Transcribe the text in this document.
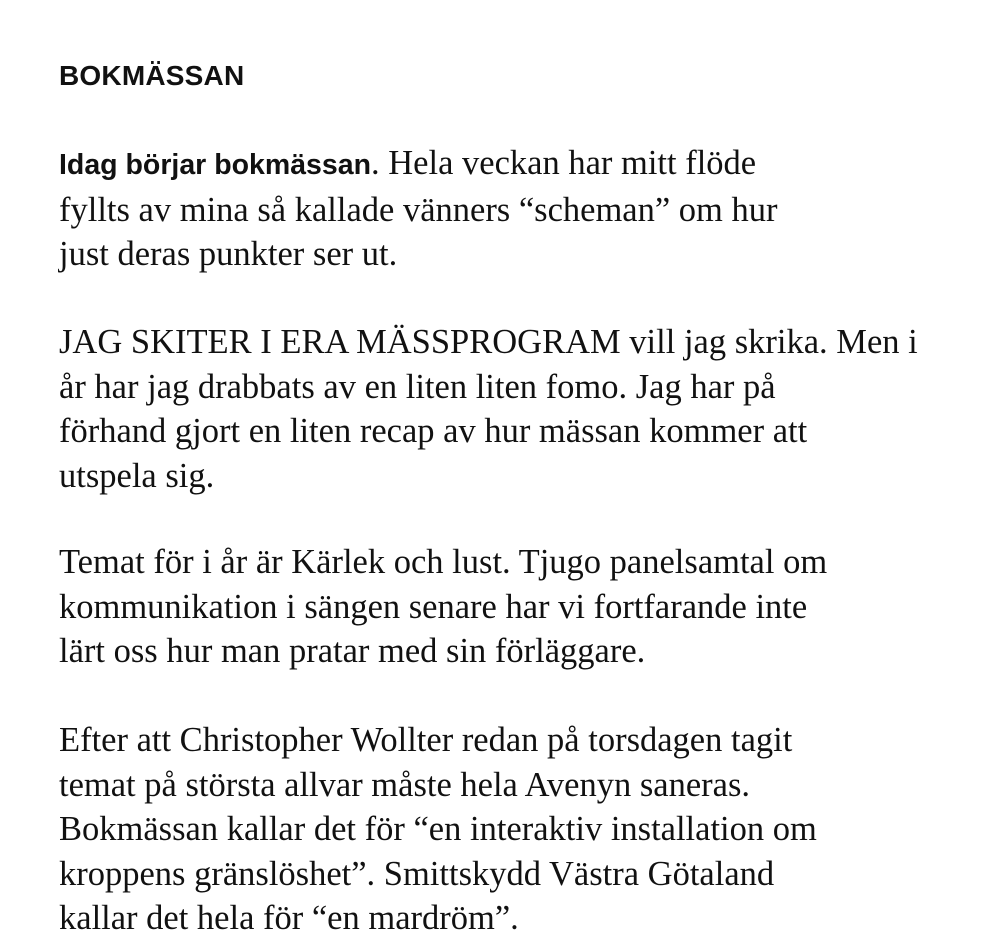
BOKMÄSSAN

Idag börjar bokmässan. Hela veckan har mitt flöde
fyllts av mina så kallade vänners “scheman” om hur
just deras punkter ser ut.

JAG SKITER I ERA MÄSSPROGRAM vill jag skrika. Men i
år har jag drabbats av en liten liten fomo. Jag har på
förhand gjort en liten recap av hur mässan kommer att
utspela sig.

Temat för i år är Kärlek och lust. Tjugo panelsamtal om
kommunikation i sängen senare har vi fortfarande inte
lärt oss hur man pratar med sin förläggare.

Efter att Christopher Wollter redan på torsdagen tagit
temat på största allvar måste hela Avenyn saneras.
Bokmässan kallar det för “en interaktiv installation om
kroppens gränslöshet”. Smittskydd Västra Götaland
kallar det hela för “en mardröm”.
